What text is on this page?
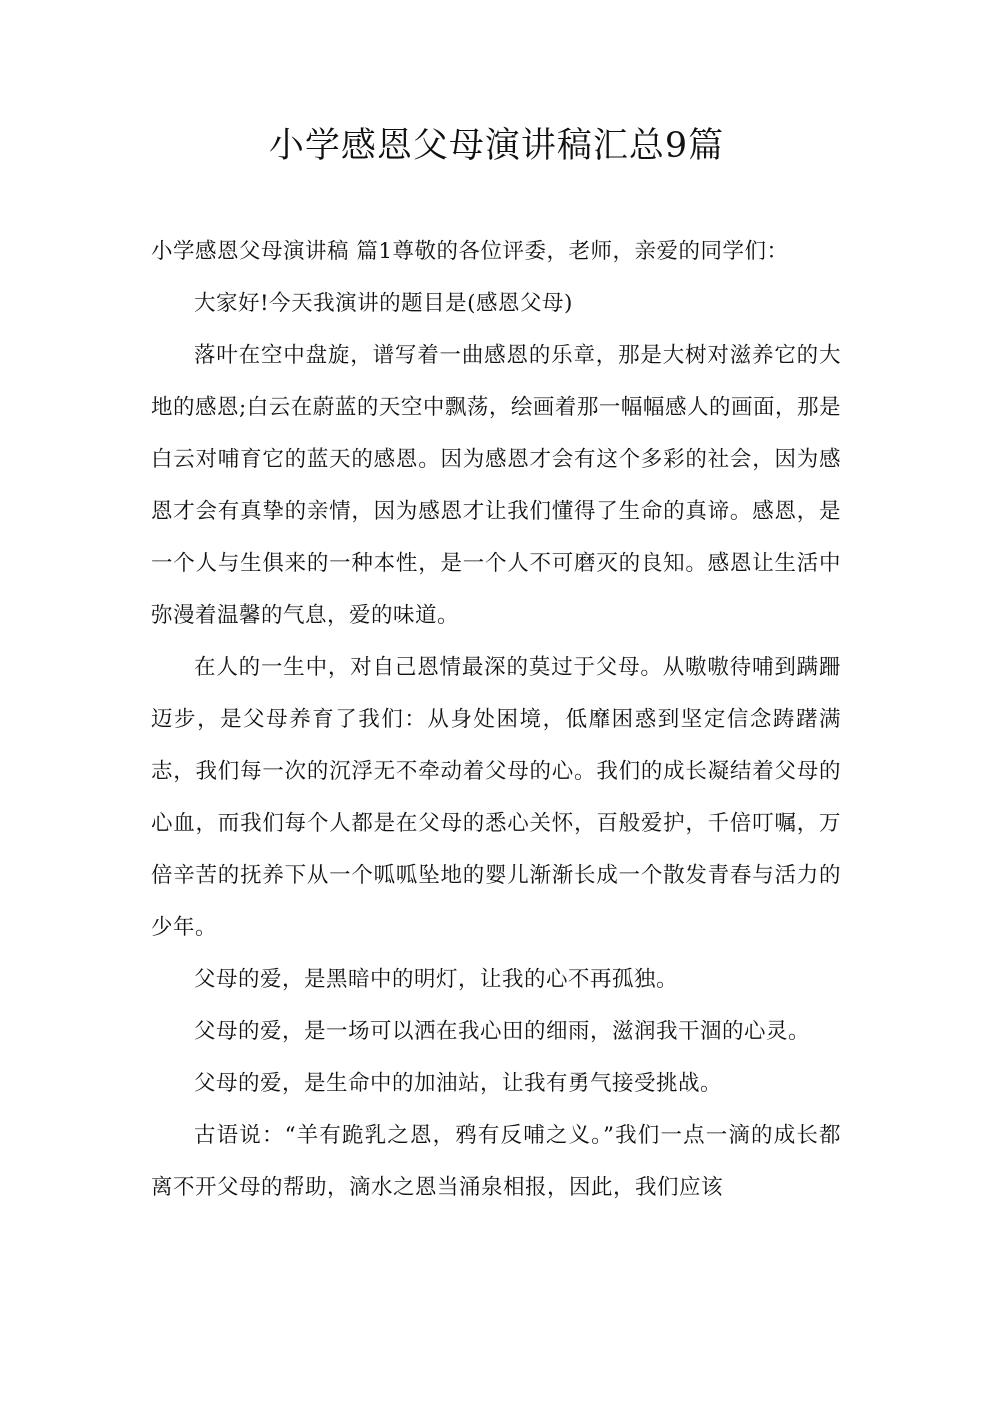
小学感恩父母演讲稿汇总9篇

小学感恩父母演讲稿 篇1尊敬的各位评委，老师，亲爱的同学们：

大家好!今天我演讲的题目是(感恩父母)

落叶在空中盘旋，谱写着一曲感恩的乐章，那是大树对滋养它的大地的感恩;白云在蔚蓝的天空中飘荡，绘画着那一幅幅感人的画面，那是白云对哺育它的蓝天的感恩。因为感恩才会有这个多彩的社会，因为感恩才会有真挚的亲情，因为感恩才让我们懂得了生命的真谛。感恩，是一个人与生俱来的一种本性，是一个人不可磨灭的良知。感恩让生活中弥漫着温馨的气息，爱的味道。

在人的一生中，对自己恩情最深的莫过于父母。从嗷嗷待哺到蹒跚迈步，是父母养育了我们：从身处困境，低靡困惑到坚定信念踌躇满志，我们每一次的沉浮无不牵动着父母的心。我们的成长凝结着父母的心血，而我们每个人都是在父母的悉心关怀，百般爱护，千倍叮嘱，万倍辛苦的抚养下从一个呱呱坠地的婴儿渐渐长成一个散发青春与活力的少年。

父母的爱，是黑暗中的明灯，让我的心不再孤独。

父母的爱，是一场可以洒在我心田的细雨，滋润我干涸的心灵。

父母的爱，是生命中的加油站，让我有勇气接受挑战。

古语说：“羊有跪乳之恩，鸦有反哺之义。”我们一点一滴的成长都离不开父母的帮助，滴水之恩当涌泉相报，因此，我们应该
